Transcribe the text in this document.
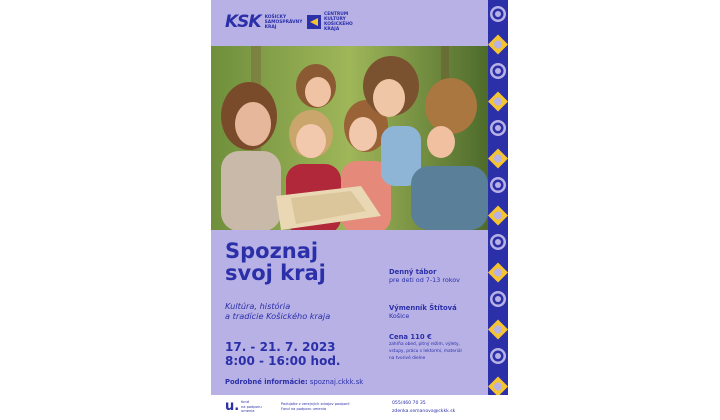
KSK KOŠICKÝ SAMOSPRÁVNY KRAJ
CENTRUM KULTÚRY KOŠICKÉHO KRAJA
Spoznaj
svoj kraj

Kultúra, história
a tradície Košického kraja

17. - 21. 7. 2023
8:00 - 16:00 hod.

Podrobné informácie: spoznaj.ckkk.sk

Denný tábor

pre deti od 7-13 rokov

Výmenník Štítová

Košice

Cena 110 €

zahŕňa obed, pitný režim, výlety,

vstupy, prácu s lektormi, materiál

na tvorivé dielne

u. fond
na podporu
umenia
Podujatie z verejných zdrojov podporil
Fond na podporu umenia
055/460 70 35
zdenka.semanova@ckkk.sk
